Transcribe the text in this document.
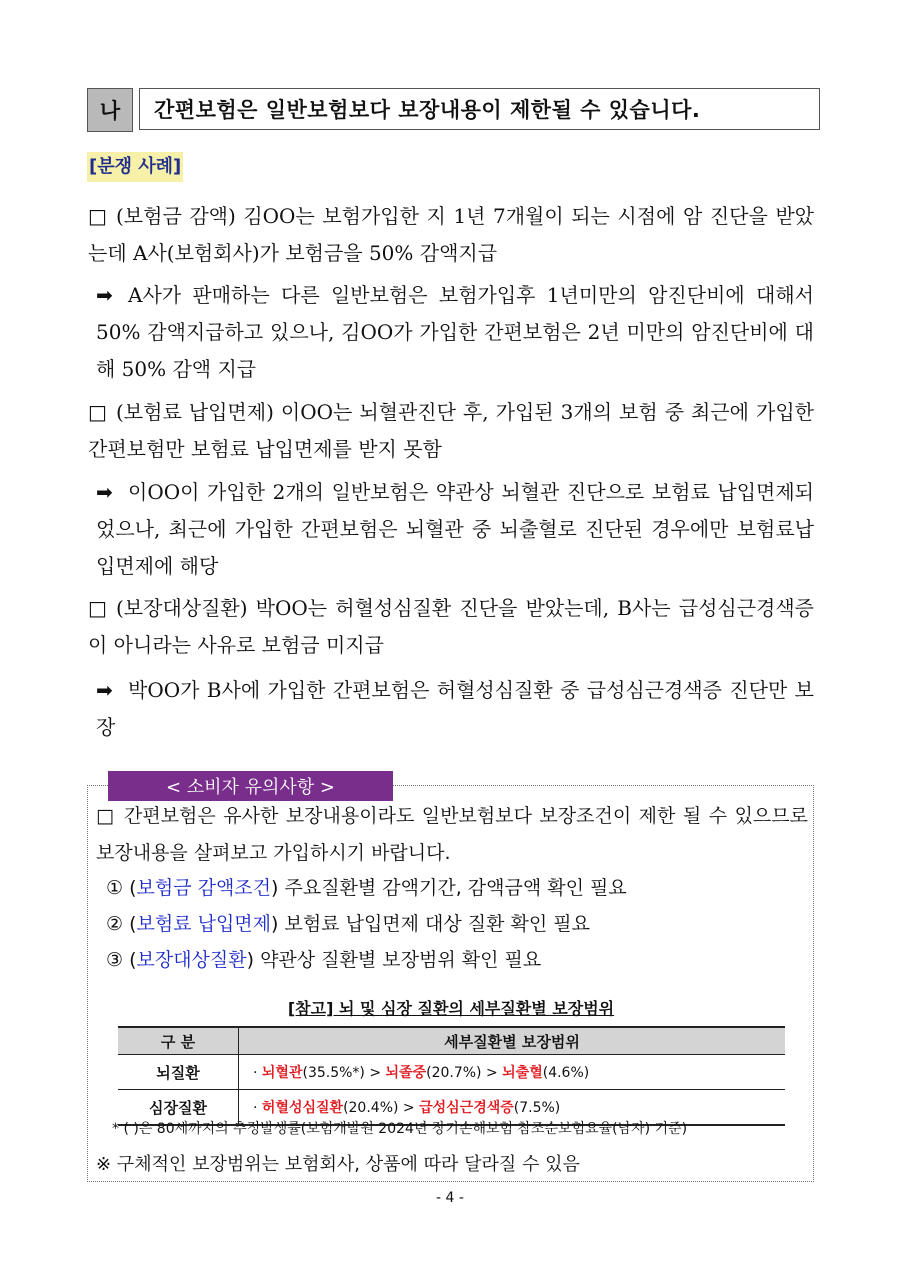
나	간편보험은 일반보험보다 보장내용이 제한될 수 있습니다.
[분쟁 사례]
□ (보험금 감액) 김OO는 보험가입한 지 1년 7개월이 되는 시점에 암 진단을 받았는데 A사(보험회사)가 보험금을 50% 감액지급
➡ A사가 판매하는 다른 일반보험은 보험가입후 1년미만의 암진단비에 대해서 50% 감액지급하고 있으나, 김OO가 가입한 간편보험은 2년 미만의 암진단비에 대해 50% 감액 지급
□ (보험료 납입면제) 이OO는 뇌혈관진단 후, 가입된 3개의 보험 중 최근에 가입한 간편보험만 보험료 납입면제를 받지 못함
➡ 이OO이 가입한 2개의 일반보험은 약관상 뇌혈관 진단으로 보험료 납입면제되었으나, 최근에 가입한 간편보험은 뇌혈관 중 뇌출혈로 진단된 경우에만 보험료납입면제에 해당
□ (보장대상질환) 박OO는 허혈성심질환 진단을 받았는데, B사는 급성심근경색증이 아니라는 사유로 보험금 미지급
➡ 박OO가 B사에 가입한 간편보험은 허혈성심질환 중 급성심근경색증 진단만 보장
< 소비자 유의사항 >
□ 간편보험은 유사한 보장내용이라도 일반보험보다 보장조건이 제한 될 수 있으므로 보장내용을 살펴보고 가입하시기 바랍니다.
① (보험금 감액조건) 주요질환별 감액기간, 감액금액 확인 필요
② (보험료 납입면제) 보험료 납입면제 대상 질환 확인 필요
③ (보장대상질환) 약관상 질환별 보장범위 확인 필요
[참고] 뇌 및 심장 질환의 세부질환별 보장범위
구 분	세부질환별 보장범위
뇌질환	· 뇌혈관(35.5%*) > 뇌졸중(20.7%) > 뇌출혈(4.6%)
심장질환	· 허혈성심질환(20.4%) > 급성심근경색증(7.5%)
* ( )은 80세까지의 추정발생률(보험개발원 2024년 장기손해보험 참조순보험요율(남자) 기준)
※ 구체적인 보장범위는 보험회사, 상품에 따라 달라질 수 있음
- 4 -
